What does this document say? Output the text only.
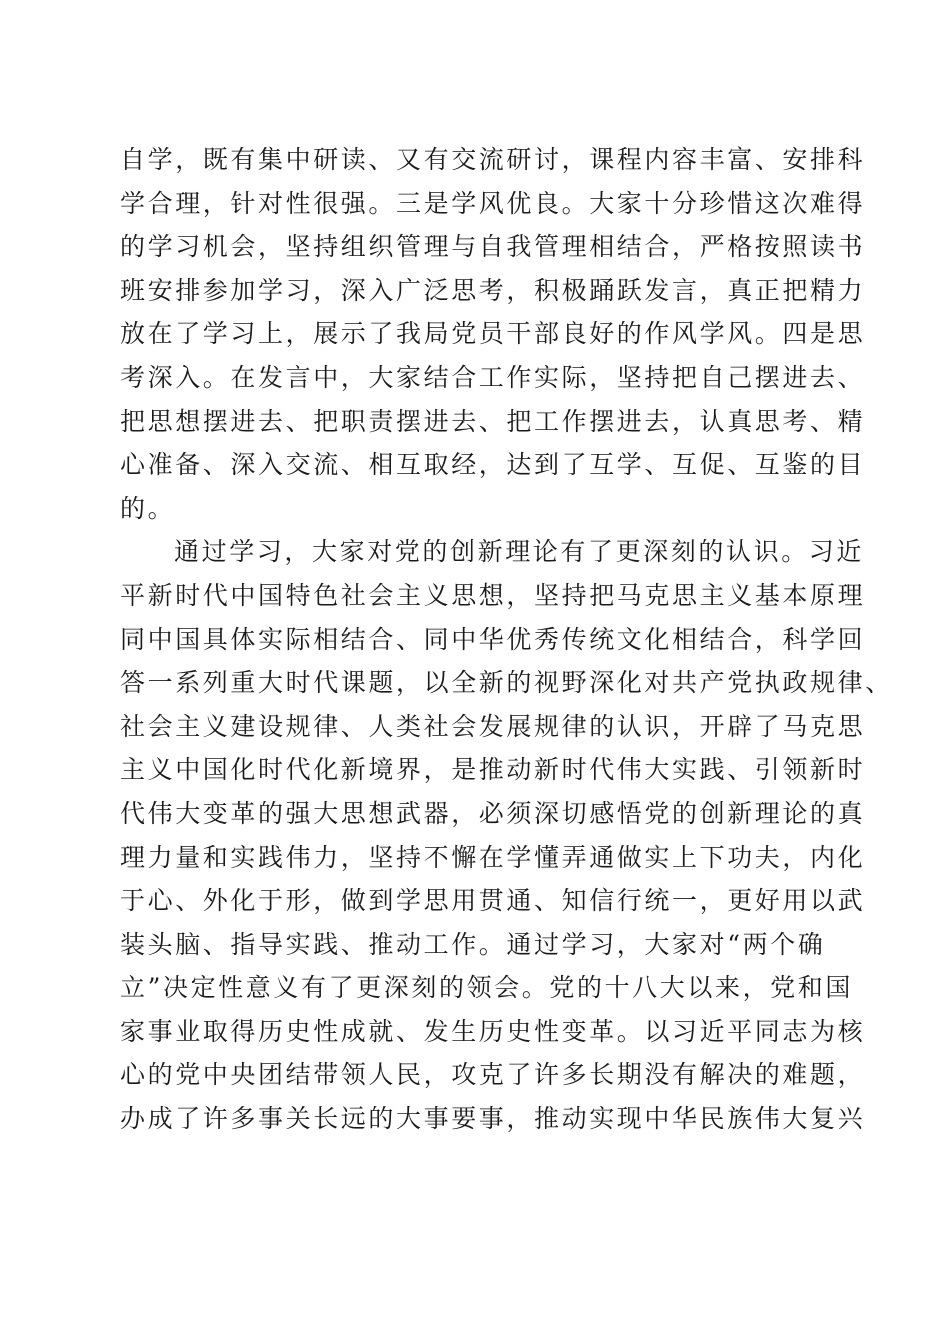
自学，既有集中研读、又有交流研讨，课程内容丰富、安排科
学合理，针对性很强。三是学风优良。大家十分珍惜这次难得
的学习机会，坚持组织管理与自我管理相结合，严格按照读书
班安排参加学习，深入广泛思考，积极踊跃发言，真正把精力
放在了学习上，展示了我局党员干部良好的作风学风。四是思
考深入。在发言中，大家结合工作实际，坚持把自己摆进去、
把思想摆进去、把职责摆进去、把工作摆进去，认真思考、精
心准备、深入交流、相互取经，达到了互学、互促、互鉴的目
的。
通过学习，大家对党的创新理论有了更深刻的认识。习近
平新时代中国特色社会主义思想，坚持把马克思主义基本原理
同中国具体实际相结合、同中华优秀传统文化相结合，科学回
答一系列重大时代课题，以全新的视野深化对共产党执政规律、
社会主义建设规律、人类社会发展规律的认识，开辟了马克思
主义中国化时代化新境界，是推动新时代伟大实践、引领新时
代伟大变革的强大思想武器，必须深切感悟党的创新理论的真
理力量和实践伟力，坚持不懈在学懂弄通做实上下功夫，内化
于心、外化于形，做到学思用贯通、知信行统一，更好用以武
装头脑、指导实践、推动工作。通过学习，大家对“两个确
立”决定性意义有了更深刻的领会。党的十八大以来，党和国
家事业取得历史性成就、发生历史性变革。以习近平同志为核
心的党中央团结带领人民，攻克了许多长期没有解决的难题，
办成了许多事关长远的大事要事，推动实现中华民族伟大复兴
